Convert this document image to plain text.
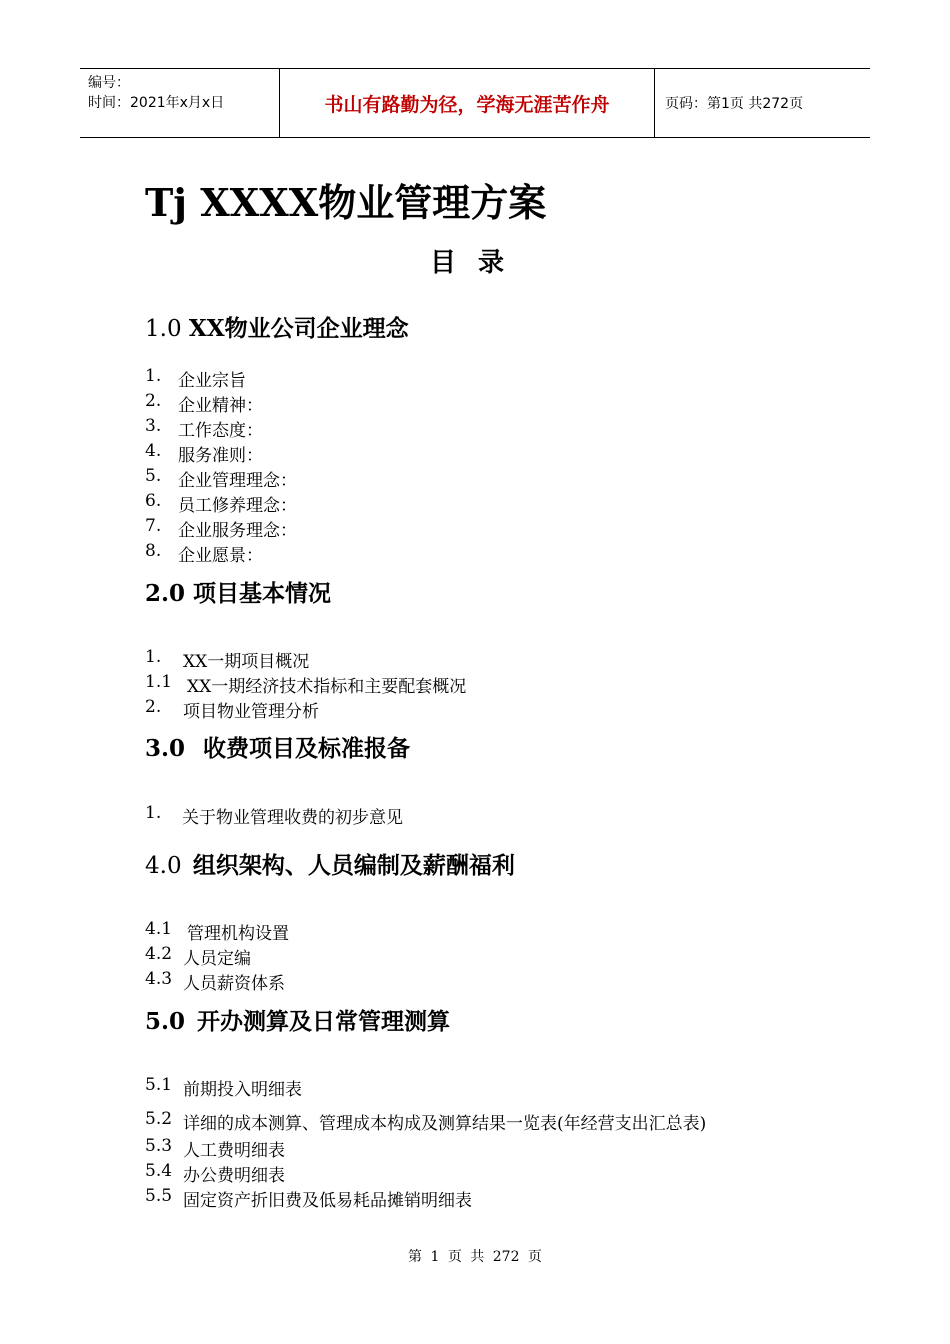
编号：
时间：2021年x月x日	书山有路勤为径，学海无涯苦作舟	页码：第1页 共272页
Tj XXXX物业管理方案
目录
1.0 XX物业公司企业理念
1. 企业宗旨
2. 企业精神：
3. 工作态度：
4. 服务准则：
5. 企业管理理念：
6. 员工修养理念：
7. 企业服务理念：
8. 企业愿景：
2.0 项目基本情况
1.	XX一期项目概况
1.1 XX一期经济技术指标和主要配套概况
2.	项目物业管理分析
3.0 收费项目及标准报备
1.	关于物业管理收费的初步意见
4.0 组织架构、人员编制及薪酬福利
4.1 管理机构设置
4.2 人员定编
4.3 人员薪资体系
5.0 开办测算及日常管理测算
5.1 前期投入明细表
5.2 详细的成本测算、管理成本构成及测算结果一览表(年经营支出汇总表)
5.3 人工费明细表
5.4 办公费明细表
5.5 固定资产折旧费及低易耗品摊销明细表
第 1 页 共 272 页
